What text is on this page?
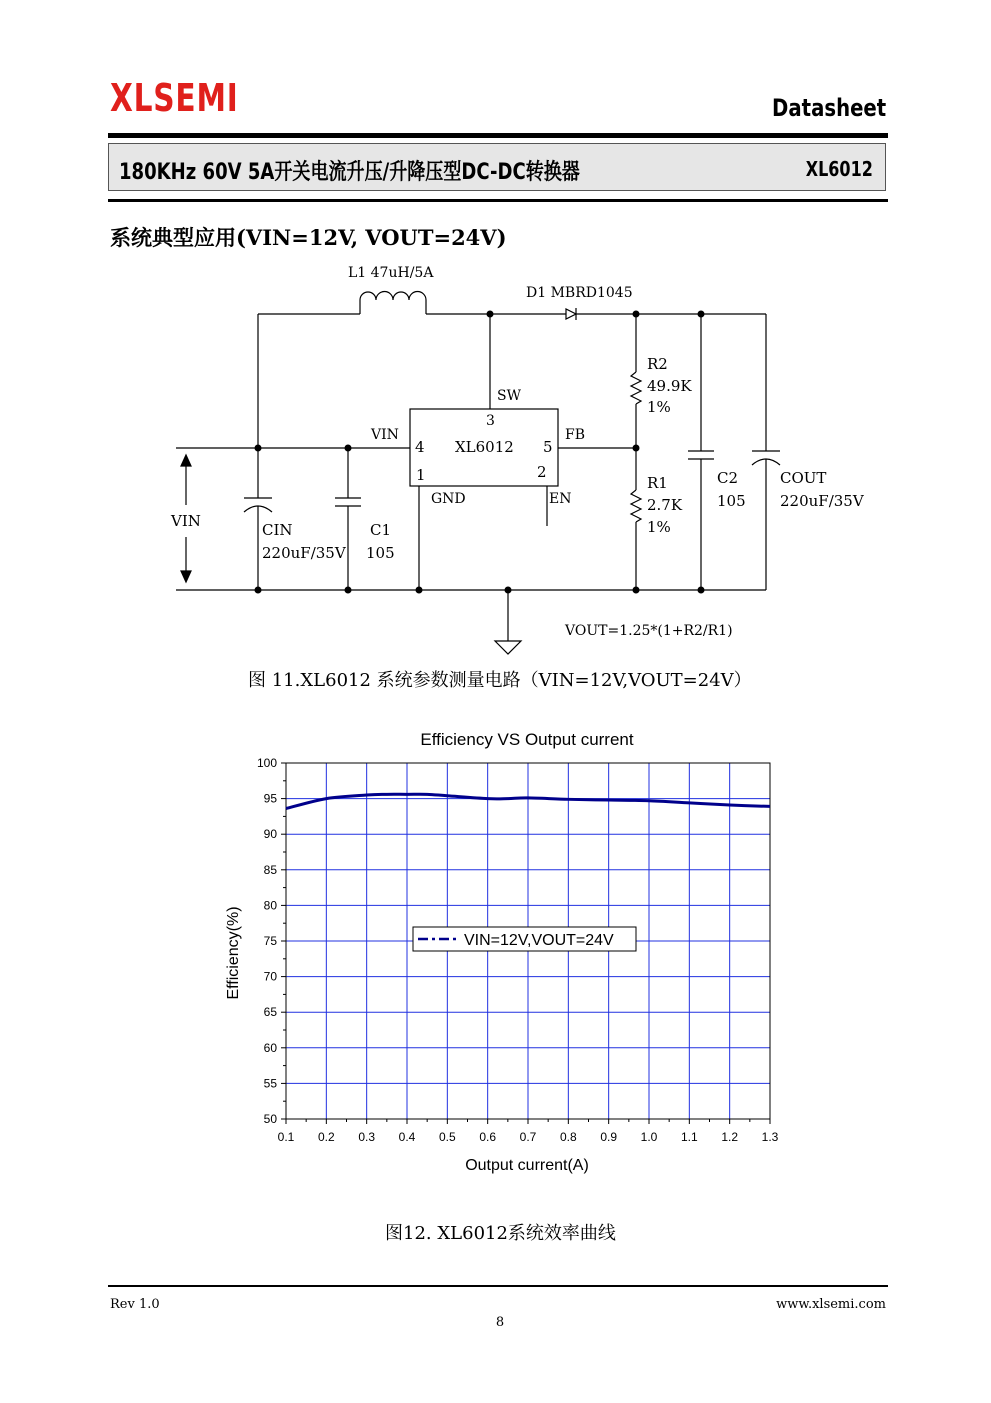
XLSEMI	Datasheet
180KHz 60V 5A开关电流升压/升降压型DC-DC转换器	XL6012
系统典型应用(VIN=12V, VOUT=24V)
L1 47uH/5A
D1 MBRD1045
SW
3
VIN
4 XL6012 5
FB
1	2
GND	EN
R2
49.9K
1%
R1
2.7K
1%
C2
105
COUT
220uF/35V
VIN	CIN
220uF/35V
C1
105
VOUT=1.25*(1+R2/R1)
图 11.XL6012 系统参数测量电路（VIN=12V,VOUT=24V）
Efficiency VS Output current
50
55
60
65
70
75
80
85
90
95
100
0.1 0.2 0.3 0.4 0.5 0.6 0.7 0.8 0.9 1.0 1.1 1.2 1.3
VIN=12V,VOUT=24V
Output current(A)
Efficiency(%)
图12. XL6012系统效率曲线
Rev 1.0	www.xlsemi.com
8
